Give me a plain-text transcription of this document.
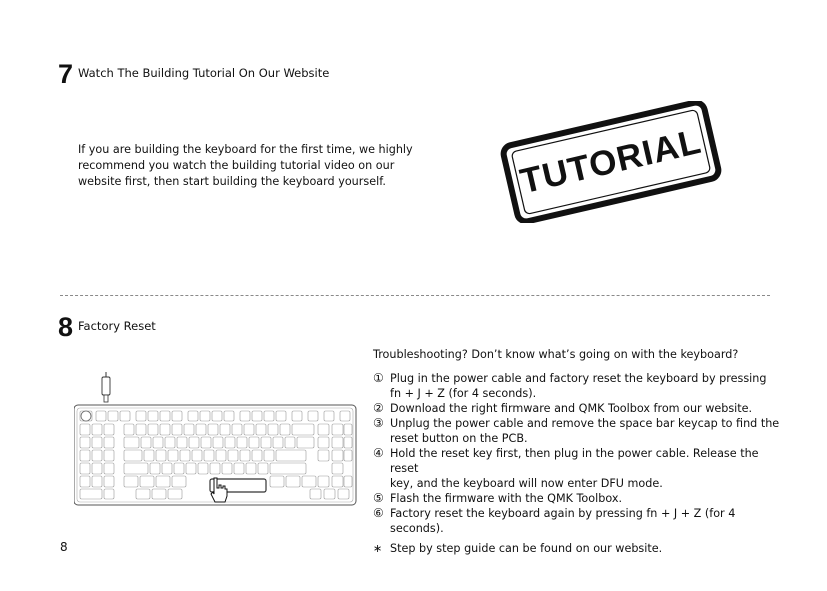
7 Watch The Building Tutorial On Our Website
If you are building the keyboard for the first time, we highly
recommend you watch the building tutorial video on our
website first, then start building the keyboard yourself.	TUTORIAL
8 Factory Reset
Troubleshooting? Don’t know what’s going on with the keyboard?
① Plug in the power cable and factory reset the keyboard by pressing
fn + J + Z (for 4 seconds).
② Download the right firmware and QMK Toolbox from our website.
③ Unplug the power cable and remove the space bar keycap to find the
reset button on the PCB.
④ Hold the reset key first, then plug in the power cable. Release the reset
key, and the keyboard will now enter DFU mode.
⑤ Flash the firmware with the QMK Toolbox.
⑥ Factory reset the keyboard again by pressing fn + J + Z (for 4 seconds).
∗ Step by step guide can be found on our website.
8
